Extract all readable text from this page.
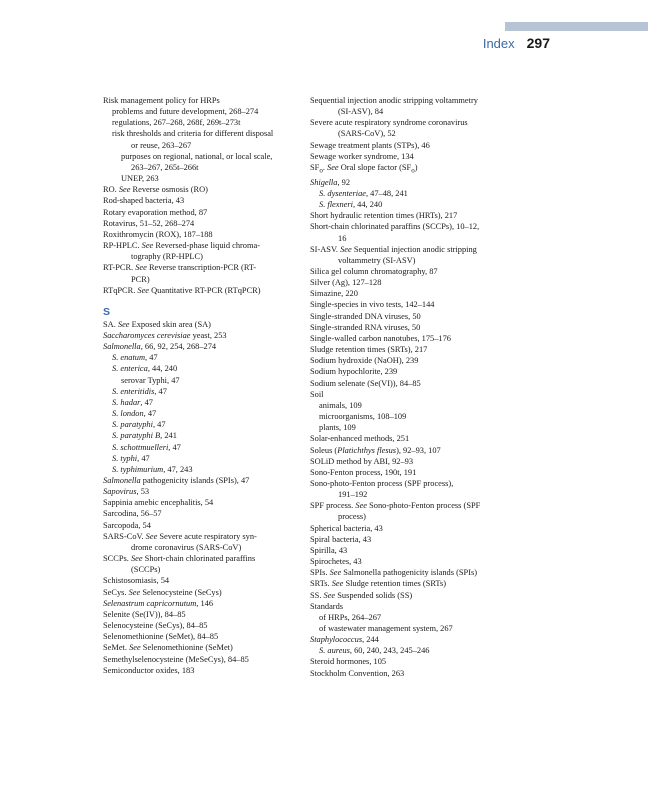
Index 297
Risk management policy for HRPs
problems and future development, 268–274
regulations, 267–268, 268f, 269t–273t
risk thresholds and criteria for different disposal
or reuse, 263–267
purposes on regional, national, or local scale,
263–267, 265t–266t
UNEP, 263
RO. See Reverse osmosis (RO)
Rod-shaped bacteria, 43
Rotary evaporation method, 87
Rotavirus, 51–52, 268–274
Roxithromycin (ROX), 187–188
RP-HPLC. See Reversed-phase liquid chroma-
tography (RP-HPLC)
RT-PCR. See Reverse transcription-PCR (RT-
PCR)
RTqPCR. See Quantitative RT-PCR (RTqPCR)
S
SA. See Exposed skin area (SA)
Saccharomyces cerevisiae yeast, 253
Salmonella, 66, 92, 254, 268–274
S. enatum, 47
S. enterica, 44, 240
serovar Typhi, 47
S. enteritidis, 47
S. hadar, 47
S. london, 47
S. paratyphi, 47
S. paratyphi B, 241
S. schottmuelleri, 47
S. typhi, 47
S. typhimurium, 47, 243
Salmonella pathogenicity islands (SPIs), 47
Sapovirus, 53
Sappinia amebic encephalitis, 54
Sarcodina, 56–57
Sarcopoda, 54
SARS-CoV. See Severe acute respiratory syn-
drome coronavirus (SARS-CoV)
SCCPs. See Short-chain chlorinated paraffins
(SCCPs)
Schistosomiasis, 54
SeCys. See Selenocysteine (SeCys)
Selenastrum capricornutum, 146
Selenite (Se(IV)), 84–85
Selenocysteine (SeCys), 84–85
Selenomethionine (SeMet), 84–85
SeMet. See Selenomethionine (SeMet)
Semethylselenocysteine (MeSeCys), 84–85
Semiconductor oxides, 183
Sequential injection anodic stripping voltammetry
(SI-ASV), 84
Severe acute respiratory syndrome coronavirus
(SARS-CoV), 52
Sewage treatment plants (STPs), 46
Sewage worker syndrome, 134
$SF_o$. See Oral slope factor $(SF_o)$
Shigella, 92
S. dysenteriae, 47–48, 241
S. flexneri, 44, 240
Short hydraulic retention times (HRTs), 217
Short-chain chlorinated paraffins (SCCPs), 10–12,
16
SI-ASV. See Sequential injection anodic stripping
voltammetry (SI-ASV)
Silica gel column chromatography, 87
Silver (Ag), 127–128
Simazine, 220
Single-species in vivo tests, 142–144
Single-stranded DNA viruses, 50
Single-stranded RNA viruses, 50
Single-walled carbon nanotubes, 175–176
Sludge retention times (SRTs), 217
Sodium hydroxide (NaOH), 239
Sodium hypochlorite, 239
Sodium selenate (Se(VI)), 84–85
Soil
animals, 109
microorganisms, 108–109
plants, 109
Solar-enhanced methods, 251
Soleus (Platichthys flesus), 92–93, 107
SOLiD method by ABI, 92–93
Sono-Fenton process, 190t, 191
Sono-photo-Fenton process (SPF process),
191–192
SPF process. See Sono-photo-Fenton process (SPF
process)
Spherical bacteria, 43
Spiral bacteria, 43
Spirilla, 43
Spirochetes, 43
SPIs. See Salmonella pathogenicity islands (SPIs)
SRTs. See Sludge retention times (SRTs)
SS. See Suspended solids (SS)
Standards
of HRPs, 264–267
of wastewater management system, 267
Staphylococcus, 244
S. aureus, 60, 240, 243, 245–246
Steroid hormones, 105
Stockholm Convention, 263
